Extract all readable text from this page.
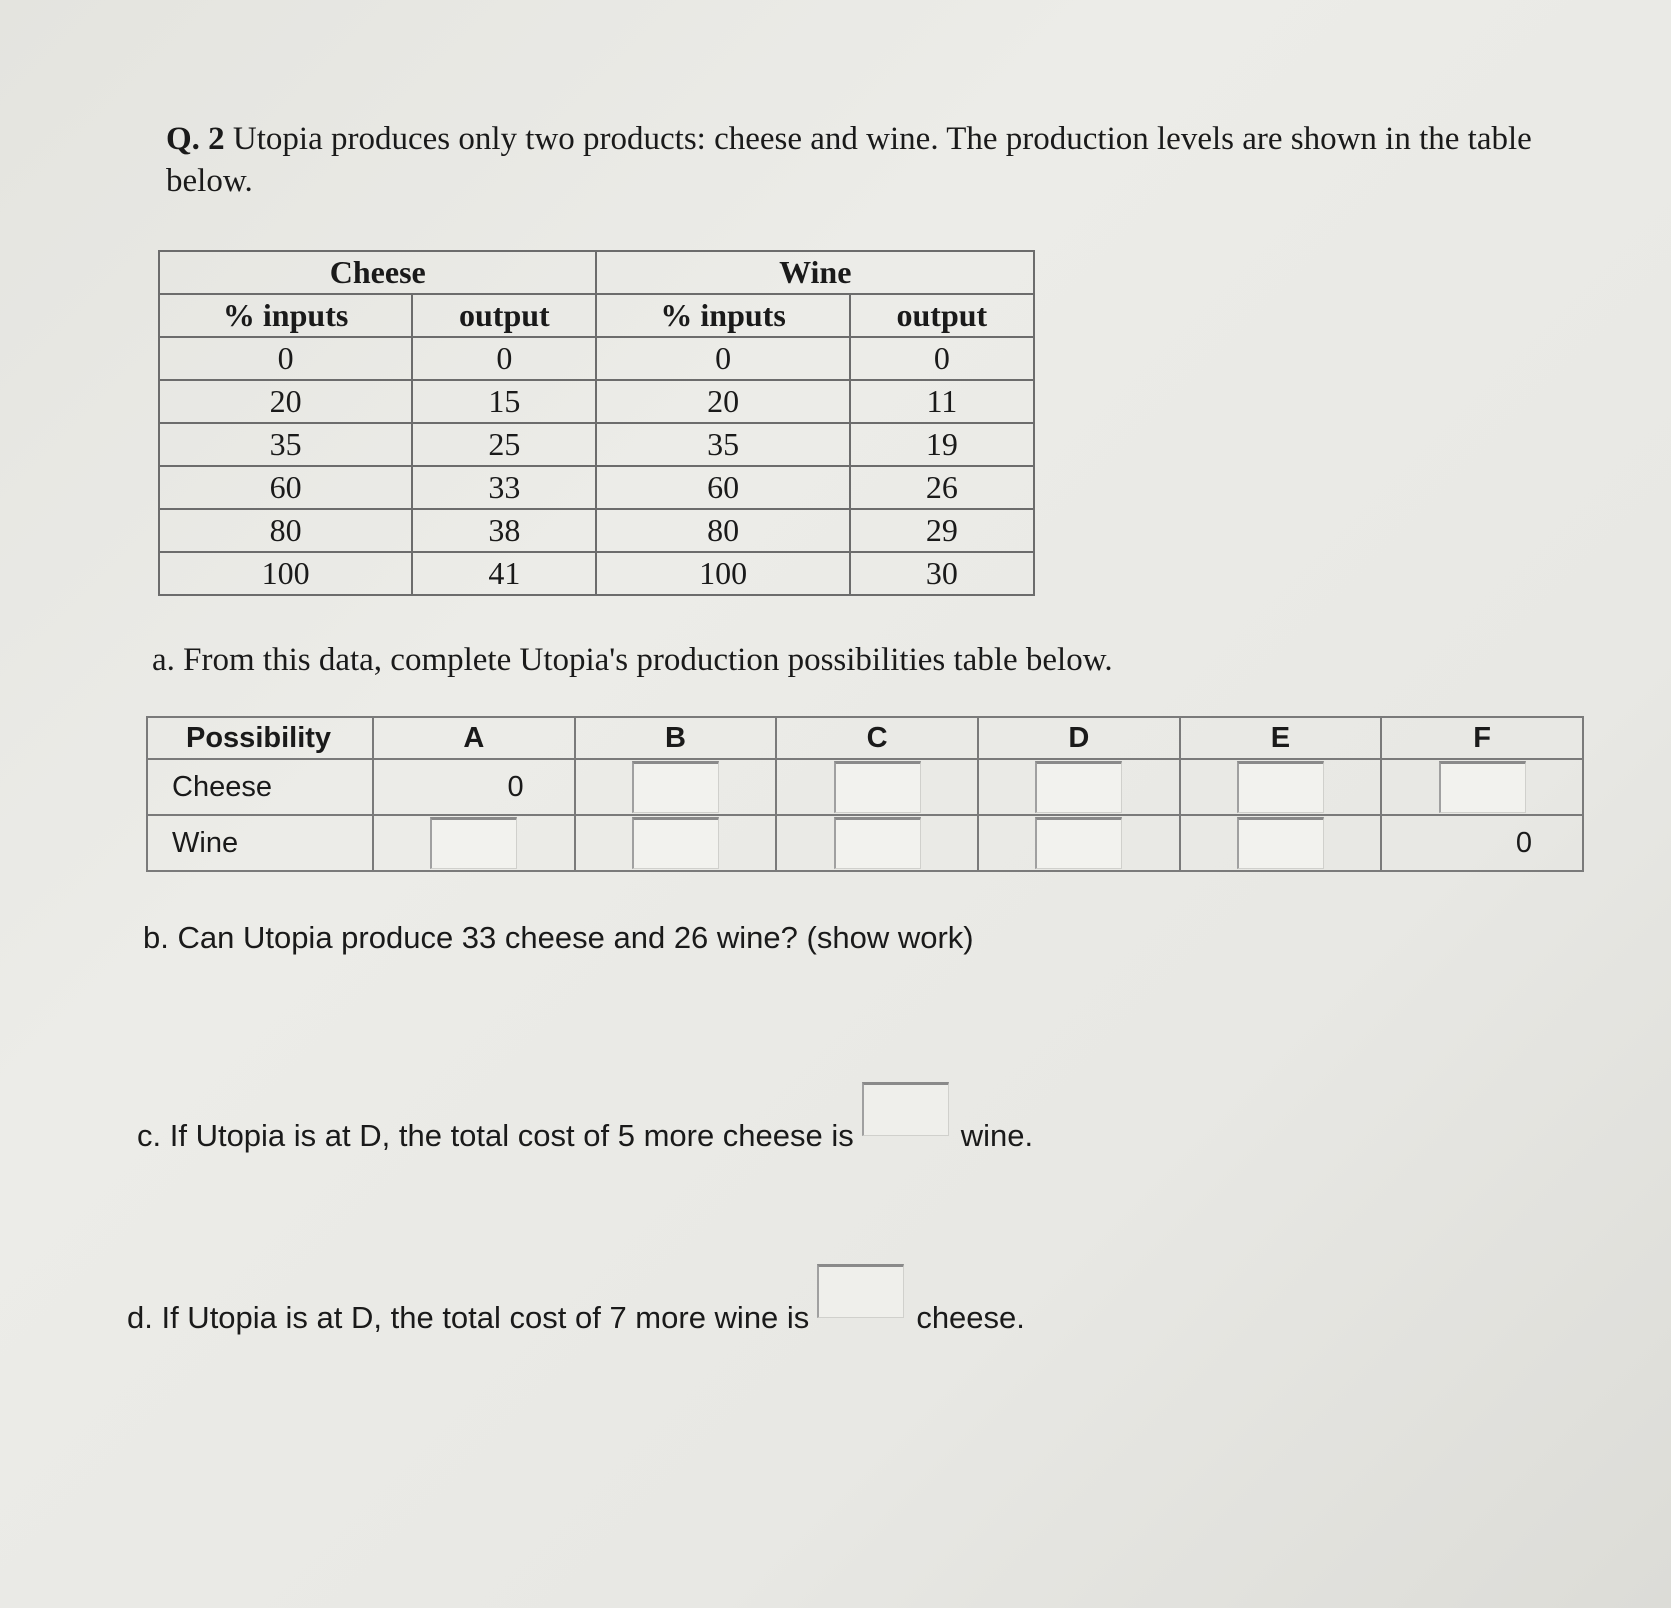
Q. 2 Utopia produces only two products: cheese and wine. The production levels are shown in the table below.
Cheese		Wine	
% inputs	output	% inputs	output
0	0	0	0
20	15	20	11
35	25	35	19
60	33	60	26
80	38	80	29
100	41	100	30
a. From this data, complete Utopia's production possibilities table below.
Possibility	A	B	C	D	E	F
Cheese	0					
Wine						0
b. Can Utopia produce 33 cheese and 26 wine? (show work)
c. If Utopia is at D, the total cost of 5 more cheese is	wine.
d. If Utopia is at D, the total cost of 7 more wine is	cheese.
